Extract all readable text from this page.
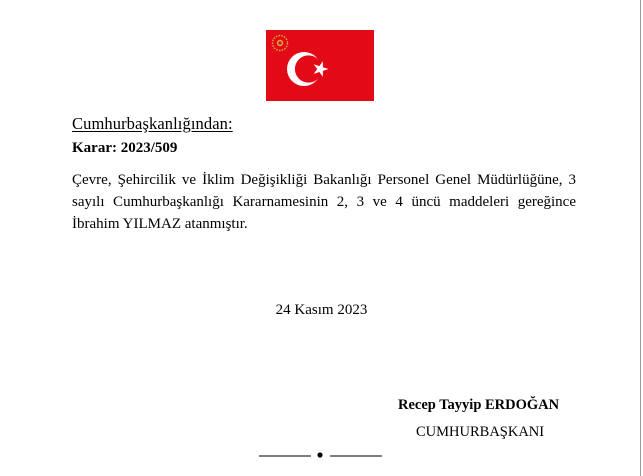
Cumhurbaşkanlığından:
Karar: 2023/509

Çevre, Şehircilik ve İklim Değişikliği Bakanlığı Personel Genel Müdürlüğüne, 3 sayılı Cumhurbaşkanlığı Kararnamesinin 2, 3 ve 4 üncü maddeleri gereğince İbrahim YILMAZ atanmıştır.

24 Kasım 2023
Recep Tayyip ERDOĞAN
CUMHURBAŞKANI
